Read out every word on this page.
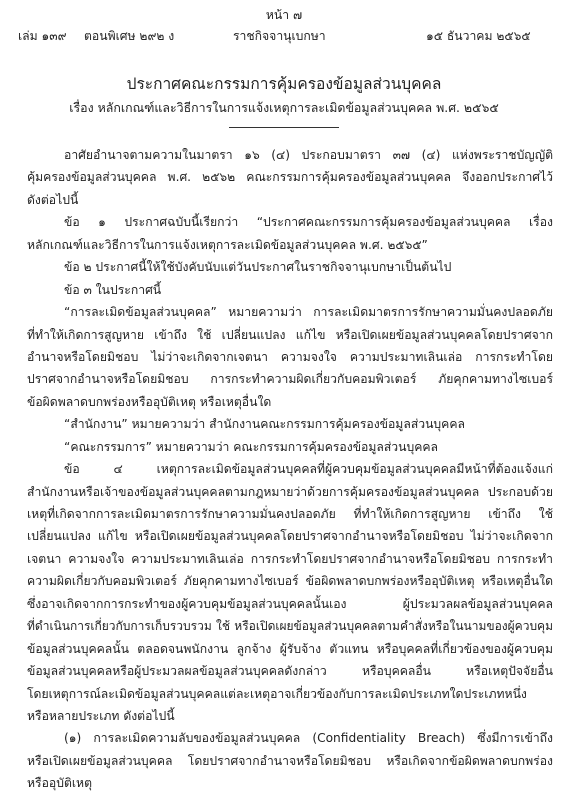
หน้า ๗
เล่ม ๑๓๙ ตอนพิเศษ ๒๙๒ ง	ราชกิจจานุเบกษา	๑๕ ธันวาคม ๒๕๖๕
ประกาศคณะกรรมการคุ้มครองข้อมูลส่วนบุคคล
เรื่อง หลักเกณฑ์และวิธีการในการแจ้งเหตุการละเมิดข้อมูลส่วนบุคคล พ.ศ. ๒๕๖๕
อาศัยอำนาจตามความในมาตรา ๑๖ (๔) ประกอบมาตรา ๓๗ (๔) แห่งพระราชบัญญัติ
คุ้มครองข้อมูลส่วนบุคคล พ.ศ. ๒๕๖๒ คณะกรรมการคุ้มครองข้อมูลส่วนบุคคล จึงออกประกาศไว้
ดังต่อไปนี้
ข้อ ๑ ประกาศฉบับนี้เรียกว่า “ประกาศคณะกรรมการคุ้มครองข้อมูลส่วนบุคคล เรื่อง
หลักเกณฑ์และวิธีการในการแจ้งเหตุการละเมิดข้อมูลส่วนบุคคล พ.ศ. ๒๕๖๕”
ข้อ ๒ ประกาศนี้ให้ใช้บังคับนับแต่วันประกาศในราชกิจจานุเบกษาเป็นต้นไป
ข้อ ๓ ในประกาศนี้
“การละเมิดข้อมูลส่วนบุคคล” หมายความว่า การละเมิดมาตรการรักษาความมั่นคงปลอดภัย
ที่ทำให้เกิดการสูญหาย เข้าถึง ใช้ เปลี่ยนแปลง แก้ไข หรือเปิดเผยข้อมูลส่วนบุคคลโดยปราศจาก
อำนาจหรือโดยมิชอบ ไม่ว่าจะเกิดจากเจตนา ความจงใจ ความประมาทเลินเล่อ การกระทำโดย
ปราศจากอำนาจหรือโดยมิชอบ การกระทำความผิดเกี่ยวกับคอมพิวเตอร์ ภัยคุกคามทางไซเบอร์
ข้อผิดพลาดบกพร่องหรืออุบัติเหตุ หรือเหตุอื่นใด
“สำนักงาน” หมายความว่า สำนักงานคณะกรรมการคุ้มครองข้อมูลส่วนบุคคล
“คณะกรรมการ” หมายความว่า คณะกรรมการคุ้มครองข้อมูลส่วนบุคคล
ข้อ ๔ เหตุการละเมิดข้อมูลส่วนบุคคลที่ผู้ควบคุมข้อมูลส่วนบุคคลมีหน้าที่ต้องแจ้งแก่
สำนักงานหรือเจ้าของข้อมูลส่วนบุคคลตามกฎหมายว่าด้วยการคุ้มครองข้อมูลส่วนบุคคล ประกอบด้วย
เหตุที่เกิดจากการละเมิดมาตรการรักษาความมั่นคงปลอดภัย ที่ทำให้เกิดการสูญหาย เข้าถึง ใช้
เปลี่ยนแปลง แก้ไข หรือเปิดเผยข้อมูลส่วนบุคคลโดยปราศจากอำนาจหรือโดยมิชอบ ไม่ว่าจะเกิดจาก
เจตนา ความจงใจ ความประมาทเลินเล่อ การกระทำโดยปราศจากอำนาจหรือโดยมิชอบ การกระทำ
ความผิดเกี่ยวกับคอมพิวเตอร์ ภัยคุกคามทางไซเบอร์ ข้อผิดพลาดบกพร่องหรืออุบัติเหตุ หรือเหตุอื่นใด
ซึ่งอาจเกิดจากการกระทำของผู้ควบคุมข้อมูลส่วนบุคคลนั้นเอง ผู้ประมวลผลข้อมูลส่วนบุคคล
ที่ดำเนินการเกี่ยวกับการเก็บรวบรวม ใช้ หรือเปิดเผยข้อมูลส่วนบุคคลตามคำสั่งหรือในนามของผู้ควบคุม
ข้อมูลส่วนบุคคลนั้น ตลอดจนพนักงาน ลูกจ้าง ผู้รับจ้าง ตัวแทน หรือบุคคลที่เกี่ยวข้องของผู้ควบคุม
ข้อมูลส่วนบุคคลหรือผู้ประมวลผลข้อมูลส่วนบุคคลดังกล่าว หรือบุคคลอื่น หรือเหตุปัจจัยอื่น
โดยเหตุการณ์ละเมิดข้อมูลส่วนบุคคลแต่ละเหตุอาจเกี่ยวข้องกับการละเมิดประเภทใดประเภทหนึ่ง
หรือหลายประเภท ดังต่อไปนี้
(๑) การละเมิดความลับของข้อมูลส่วนบุคคล (Confidentiality Breach) ซึ่งมีการเข้าถึง
หรือเปิดเผยข้อมูลส่วนบุคคล โดยปราศจากอำนาจหรือโดยมิชอบ หรือเกิดจากข้อผิดพลาดบกพร่อง
หรืออุบัติเหตุ
